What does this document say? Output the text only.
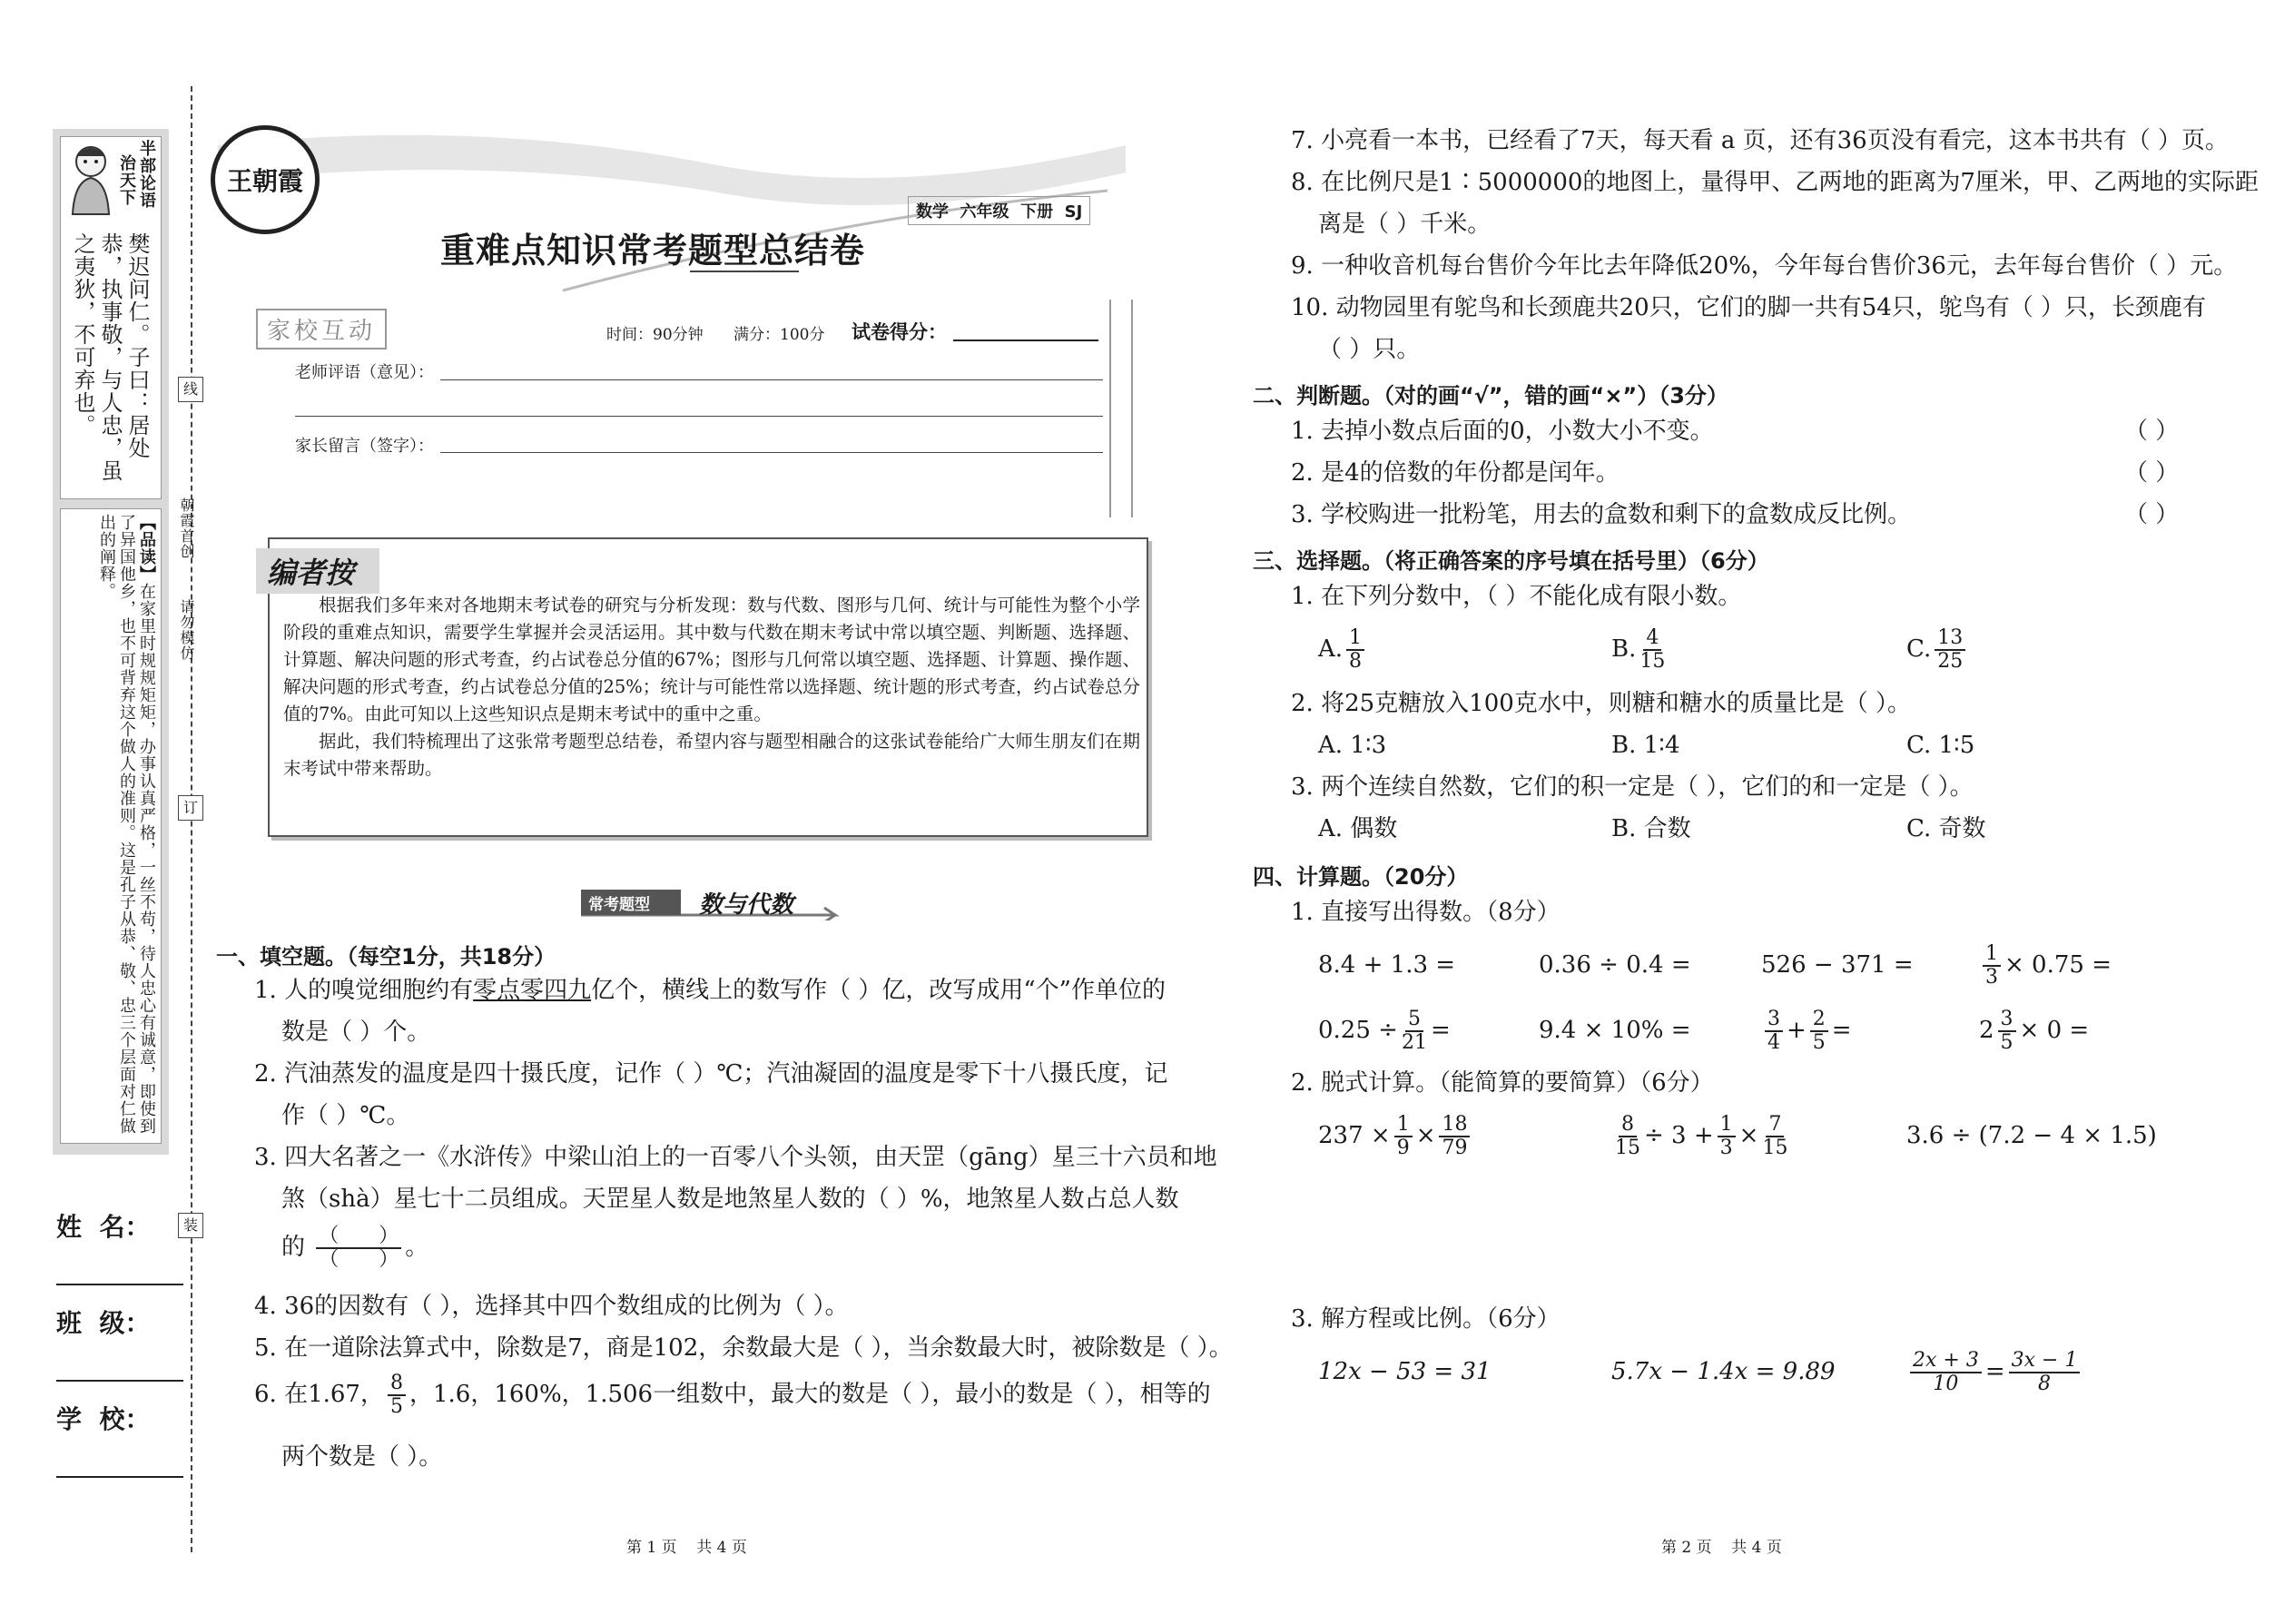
半部论语
治天下
樊迟问仁。子曰：居处恭，执事敬，与人忠，虽之夷狄，不可弃也。
【品读】在家里时规规矩矩，办事认真严格，一丝不苟，待人忠心有诚意，即使到了异国他乡，也不可背弃这个做人的准则。这是孔子从恭、敬、忠三个层面对仁做出的阐释。
姓  名：
班  级：
学  校：
线
订
装
朝霞首创
请勿模仿
王朝霞
数学  六年级  下册  SJ
重难点知识常考题型总结卷
家校互动	时间：90分钟 满分：100分 试卷得分：
老师评语（意见）：
家长留言（签字）：
编者按

根据我们多年来对各地期末考试卷的研究与分析发现：数与代数、图形与几何、统计与可能性为整个小学阶段的重难点知识，需要学生掌握并会灵活运用。其中数与代数在期末考试中常以填空题、判断题、选择题、计算题、解决问题的形式考查，约占试卷总分值的67%；图形与几何常以填空题、选择题、计算题、操作题、解决问题的形式考查，约占试卷总分值的25%；统计与可能性常以选择题、统计题的形式考查，约占试卷总分值的7%。由此可知以上这些知识点是期末考试中的重中之重。

据此，我们特梳理出了这张常考题型总结卷，希望内容与题型相融合的这张试卷能给广大师生朋友们在期末考试中带来帮助。

常考题型 数与代数
一、填空题。（每空1分，共18分）
1. 人的嗅觉细胞约有零点零四九亿个，横线上的数写作（ ）亿，改写成用“个”作单位的
数是（ ）个。
2. 汽油蒸发的温度是四十摄氏度，记作（ ）℃；汽油凝固的温度是零下十八摄氏度，记
作（ ）℃。
3. 四大名著之一《水浒传》中梁山泊上的一百零八个头领，由天罡（gāng）星三十六员和地
煞（shà）星七十二员组成。天罡星人数是地煞星人数的（ ）%，地煞星人数占总人数
的 $\frac{( )}{( )}$ 。
4. 36的因数有（ ），选择其中四个数组成的比例为（ ）。
5. 在一道除法算式中，除数是7，商是102，余数最大是（ ），当余数最大时，被除数是（ ）。
6. 在1.67， $\frac{8}{5}$ ，1.6，160%，1.506一组数中，最大的数是（ ），最小的数是（ ），相等的
两个数是（ ）。
第 1 页    共 4 页
7. 小亮看一本书，已经看了7天，每天看 a 页，还有36页没有看完，这本书共有（ ）页。
8. 在比例尺是1∶5000000的地图上，量得甲、乙两地的距离为7厘米，甲、乙两地的实际距
离是（ ）千米。
9. 一种收音机每台售价今年比去年降低20%，今年每台售价36元，去年每台售价（ ）元。
10. 动物园里有鸵鸟和长颈鹿共20只，它们的脚一共有54只，鸵鸟有（ ）只，长颈鹿有
（ ）只。
二、判断题。（对的画“√”，错的画“×”）（3分）
1. 去掉小数点后面的0，小数大小不变。	（ ）
2. 是4的倍数的年份都是闰年。	（ ）
3. 学校购进一批粉笔，用去的盒数和剩下的盒数成反比例。	（ ）
三、选择题。（将正确答案的序号填在括号里）（6分）
1. 在下列分数中，（ ）不能化成有限小数。
A. $\frac{1}{8}$	B. $\frac{4}{15}$	C. $\frac{13}{25}$
2. 将25克糖放入100克水中，则糖和糖水的质量比是（ ）。
A. 1∶3	B. 1∶4	C. 1∶5
3. 两个连续自然数，它们的积一定是（ ），它们的和一定是（ ）。
A. 偶数	B. 合数	C. 奇数
四、计算题。（20分）
1. 直接写出得数。（8分）
8.4 + 1.3 =	0.36 ÷ 0.4 =	526 − 371 =	$\frac{1}{3} \times 0.75$ =
$0.25 \div \frac{5}{21}$ =	9.4 × 10% =	$\frac{3}{4} + \frac{2}{5}$ =	$2 \frac{3}{5} \times 0$ =
2. 脱式计算。（能简算的要简算）（6分）
$237 \times \frac{1}{9} \times \frac{18}{79}$	$\frac{8}{15} \div 3 + \frac{1}{3} \times \frac{7}{15}$	3.6 ÷ (7.2 − 4 × 1.5)
3. 解方程或比例。（6分）
12x − 53 = 31	5.7x − 1.4x = 9.89	$\frac{2x + 3}{10} = \frac{3x - 1}{8}$
第 2 页    共 4 页
